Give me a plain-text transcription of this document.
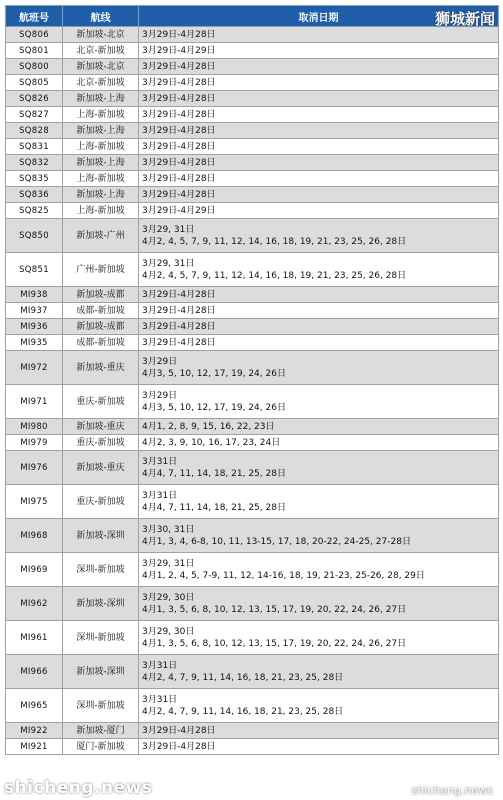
航班号	航线	取消日期
SQ806	新加坡-北京	3月29日-4月28日

SQ801	北京-新加坡	3月29日-4月29日

SQ800	新加坡-北京	3月29日-4月28日

SQ805	北京-新加坡	3月29日-4月28日

SQ826	新加坡-上海	3月29日-4月28日

SQ827	上海-新加坡	3月29日-4月28日

SQ828	新加坡-上海	3月29日-4月28日

SQ831	上海-新加坡	3月29日-4月28日

SQ832	新加坡-上海	3月29日-4月28日

SQ835	上海-新加坡	3月29日-4月28日

SQ836	新加坡-上海	3月29日-4月28日

SQ825	上海-新加坡	3月29日-4月29日

SQ850	新加坡-广州	3月29, 31日
4月2, 4, 5, 7, 9, 11, 12, 14, 16, 18, 19, 21, 23, 25, 26, 28日

SQ851	广州-新加坡	3月29, 31日
4月2, 4, 5, 7, 9, 11, 12, 14, 16, 18, 19, 21, 23, 25, 26, 28日

MI938	新加坡-成都	3月29日-4月28日

MI937	成都-新加坡	3月29日-4月28日

MI936	新加坡-成都	3月29日-4月28日

MI935	成都-新加坡	3月29日-4月28日

MI972	新加坡-重庆	3月29日
4月3, 5, 10, 12, 17, 19, 24, 26日

MI971	重庆-新加坡	3月29日
4月3, 5, 10, 12, 17, 19, 24, 26日

MI980	新加坡-重庆	4月1, 2, 8, 9, 15, 16, 22, 23日

MI979	重庆-新加坡	4月2, 3, 9, 10, 16, 17, 23, 24日

MI976	新加坡-重庆	3月31日
4月4, 7, 11, 14, 18, 21, 25, 28日

MI975	重庆-新加坡	3月31日
4月4, 7, 11, 14, 18, 21, 25, 28日

MI968	新加坡-深圳	3月30, 31日
4月1, 3, 4, 6-8, 10, 11, 13-15, 17, 18, 20-22, 24-25, 27-28日

MI969	深圳-新加坡	3月29, 31日
4月1, 2, 4, 5, 7-9, 11, 12, 14-16, 18, 19, 21-23, 25-26, 28, 29日

MI962	新加坡-深圳	3月29, 30日
4月1, 3, 5, 6, 8, 10, 12, 13, 15, 17, 19, 20, 22, 24, 26, 27日

MI961	深圳-新加坡	3月29, 30日
4月1, 3, 5, 6, 8, 10, 12, 13, 15, 17, 19, 20, 22, 24, 26, 27日

MI966	新加坡-深圳	3月31日
4月2, 4, 7, 9, 11, 14, 16, 18, 21, 23, 25, 28日

MI965	深圳-新加坡	3月31日
4月2, 4, 7, 9, 11, 14, 16, 18, 21, 23, 25, 28日

MI922	新加坡-厦门	3月29日-4月28日

MI921	厦门-新加坡	3月29日-4月28日
狮城新闻
shicheng.news	shicheng.news
